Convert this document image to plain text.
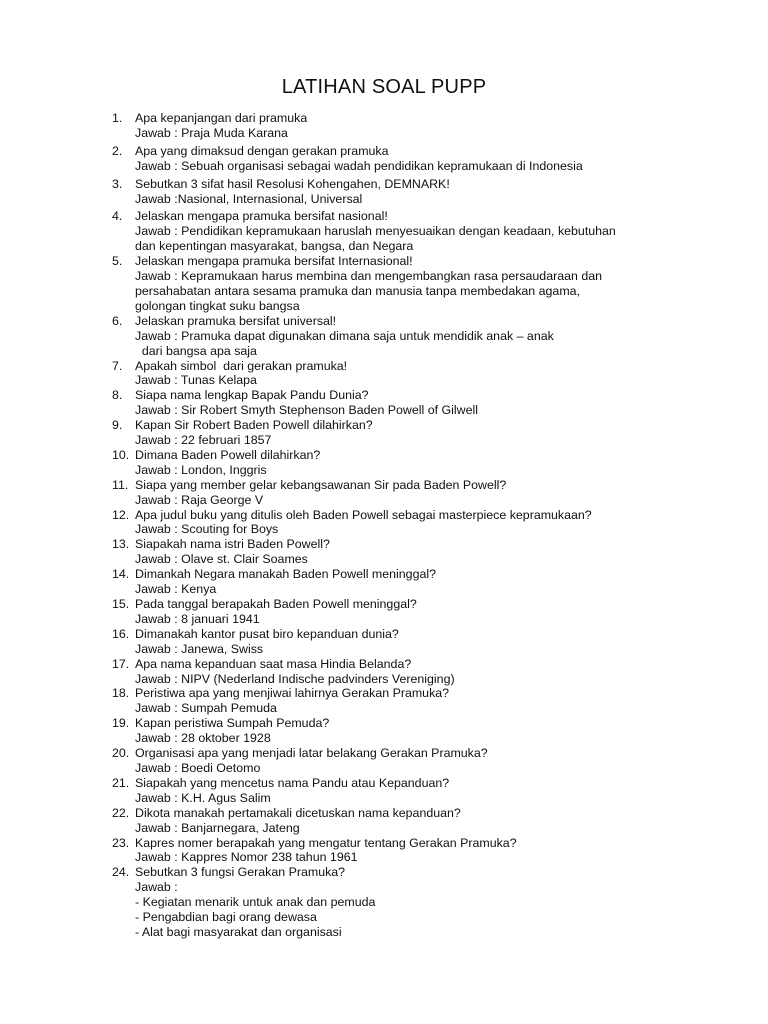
LATIHAN SOAL PUPP
1.	Apa kepanjangan dari pramuka
Jawab : Praja Muda Karana
2.	Apa yang dimaksud dengan gerakan pramuka
Jawab : Sebuah organisasi sebagai wadah pendidikan kepramukaan di Indonesia
3.	Sebutkan 3 sifat hasil Resolusi Kohengahen, DEMNARK!
Jawab :Nasional, Internasional, Universal
4.	Jelaskan mengapa pramuka bersifat nasional!
Jawab : Pendidikan kepramukaan haruslah menyesuaikan dengan keadaan, kebutuhan
dan kepentingan masyarakat, bangsa, dan Negara
5.	Jelaskan mengapa pramuka bersifat Internasional!
Jawab : Kepramukaan harus membina dan mengembangkan rasa persaudaraan dan
persahabatan antara sesama pramuka dan manusia tanpa membedakan agama,
golongan tingkat suku bangsa
6.	Jelaskan pramuka bersifat universal!
Jawab : Pramuka dapat digunakan dimana saja untuk mendidik anak – anak
dari bangsa apa saja
7.	Apakah simbol  dari gerakan pramuka!
Jawab : Tunas Kelapa
8.	Siapa nama lengkap Bapak Pandu Dunia?
Jawab : Sir Robert Smyth Stephenson Baden Powell of Gilwell
9.	Kapan Sir Robert Baden Powell dilahirkan?
Jawab : 22 februari 1857
10. Dimana Baden Powell dilahirkan?
Jawab : London, Inggris
11. Siapa yang member gelar kebangsawanan Sir pada Baden Powell?
Jawab : Raja George V
12. Apa judul buku yang ditulis oleh Baden Powell sebagai masterpiece kepramukaan?
Jawab : Scouting for Boys
13. Siapakah nama istri Baden Powell?
Jawab : Olave st. Clair Soames
14. Dimankah Negara manakah Baden Powell meninggal?
Jawab : Kenya
15. Pada tanggal berapakah Baden Powell meninggal?
Jawab : 8 januari 1941
16. Dimanakah kantor pusat biro kepanduan dunia?
Jawab : Janewa, Swiss
17. Apa nama kepanduan saat masa Hindia Belanda?
Jawab : NIPV (Nederland Indische padvinders Vereniging)
18. Peristiwa apa yang menjiwai lahirnya Gerakan Pramuka?
Jawab : Sumpah Pemuda
19. Kapan peristiwa Sumpah Pemuda?
Jawab : 28 oktober 1928
20. Organisasi apa yang menjadi latar belakang Gerakan Pramuka?
Jawab : Boedi Oetomo
21. Siapakah yang mencetus nama Pandu atau Kepanduan?
Jawab : K.H. Agus Salim
22. Dikota manakah pertamakali dicetuskan nama kepanduan?
Jawab : Banjarnegara, Jateng
23. Kapres nomer berapakah yang mengatur tentang Gerakan Pramuka?
Jawab : Kappres Nomor 238 tahun 1961
24. Sebutkan 3 fungsi Gerakan Pramuka?
Jawab :
- Kegiatan menarik untuk anak dan pemuda
- Pengabdian bagi orang dewasa
- Alat bagi masyarakat dan organisasi
